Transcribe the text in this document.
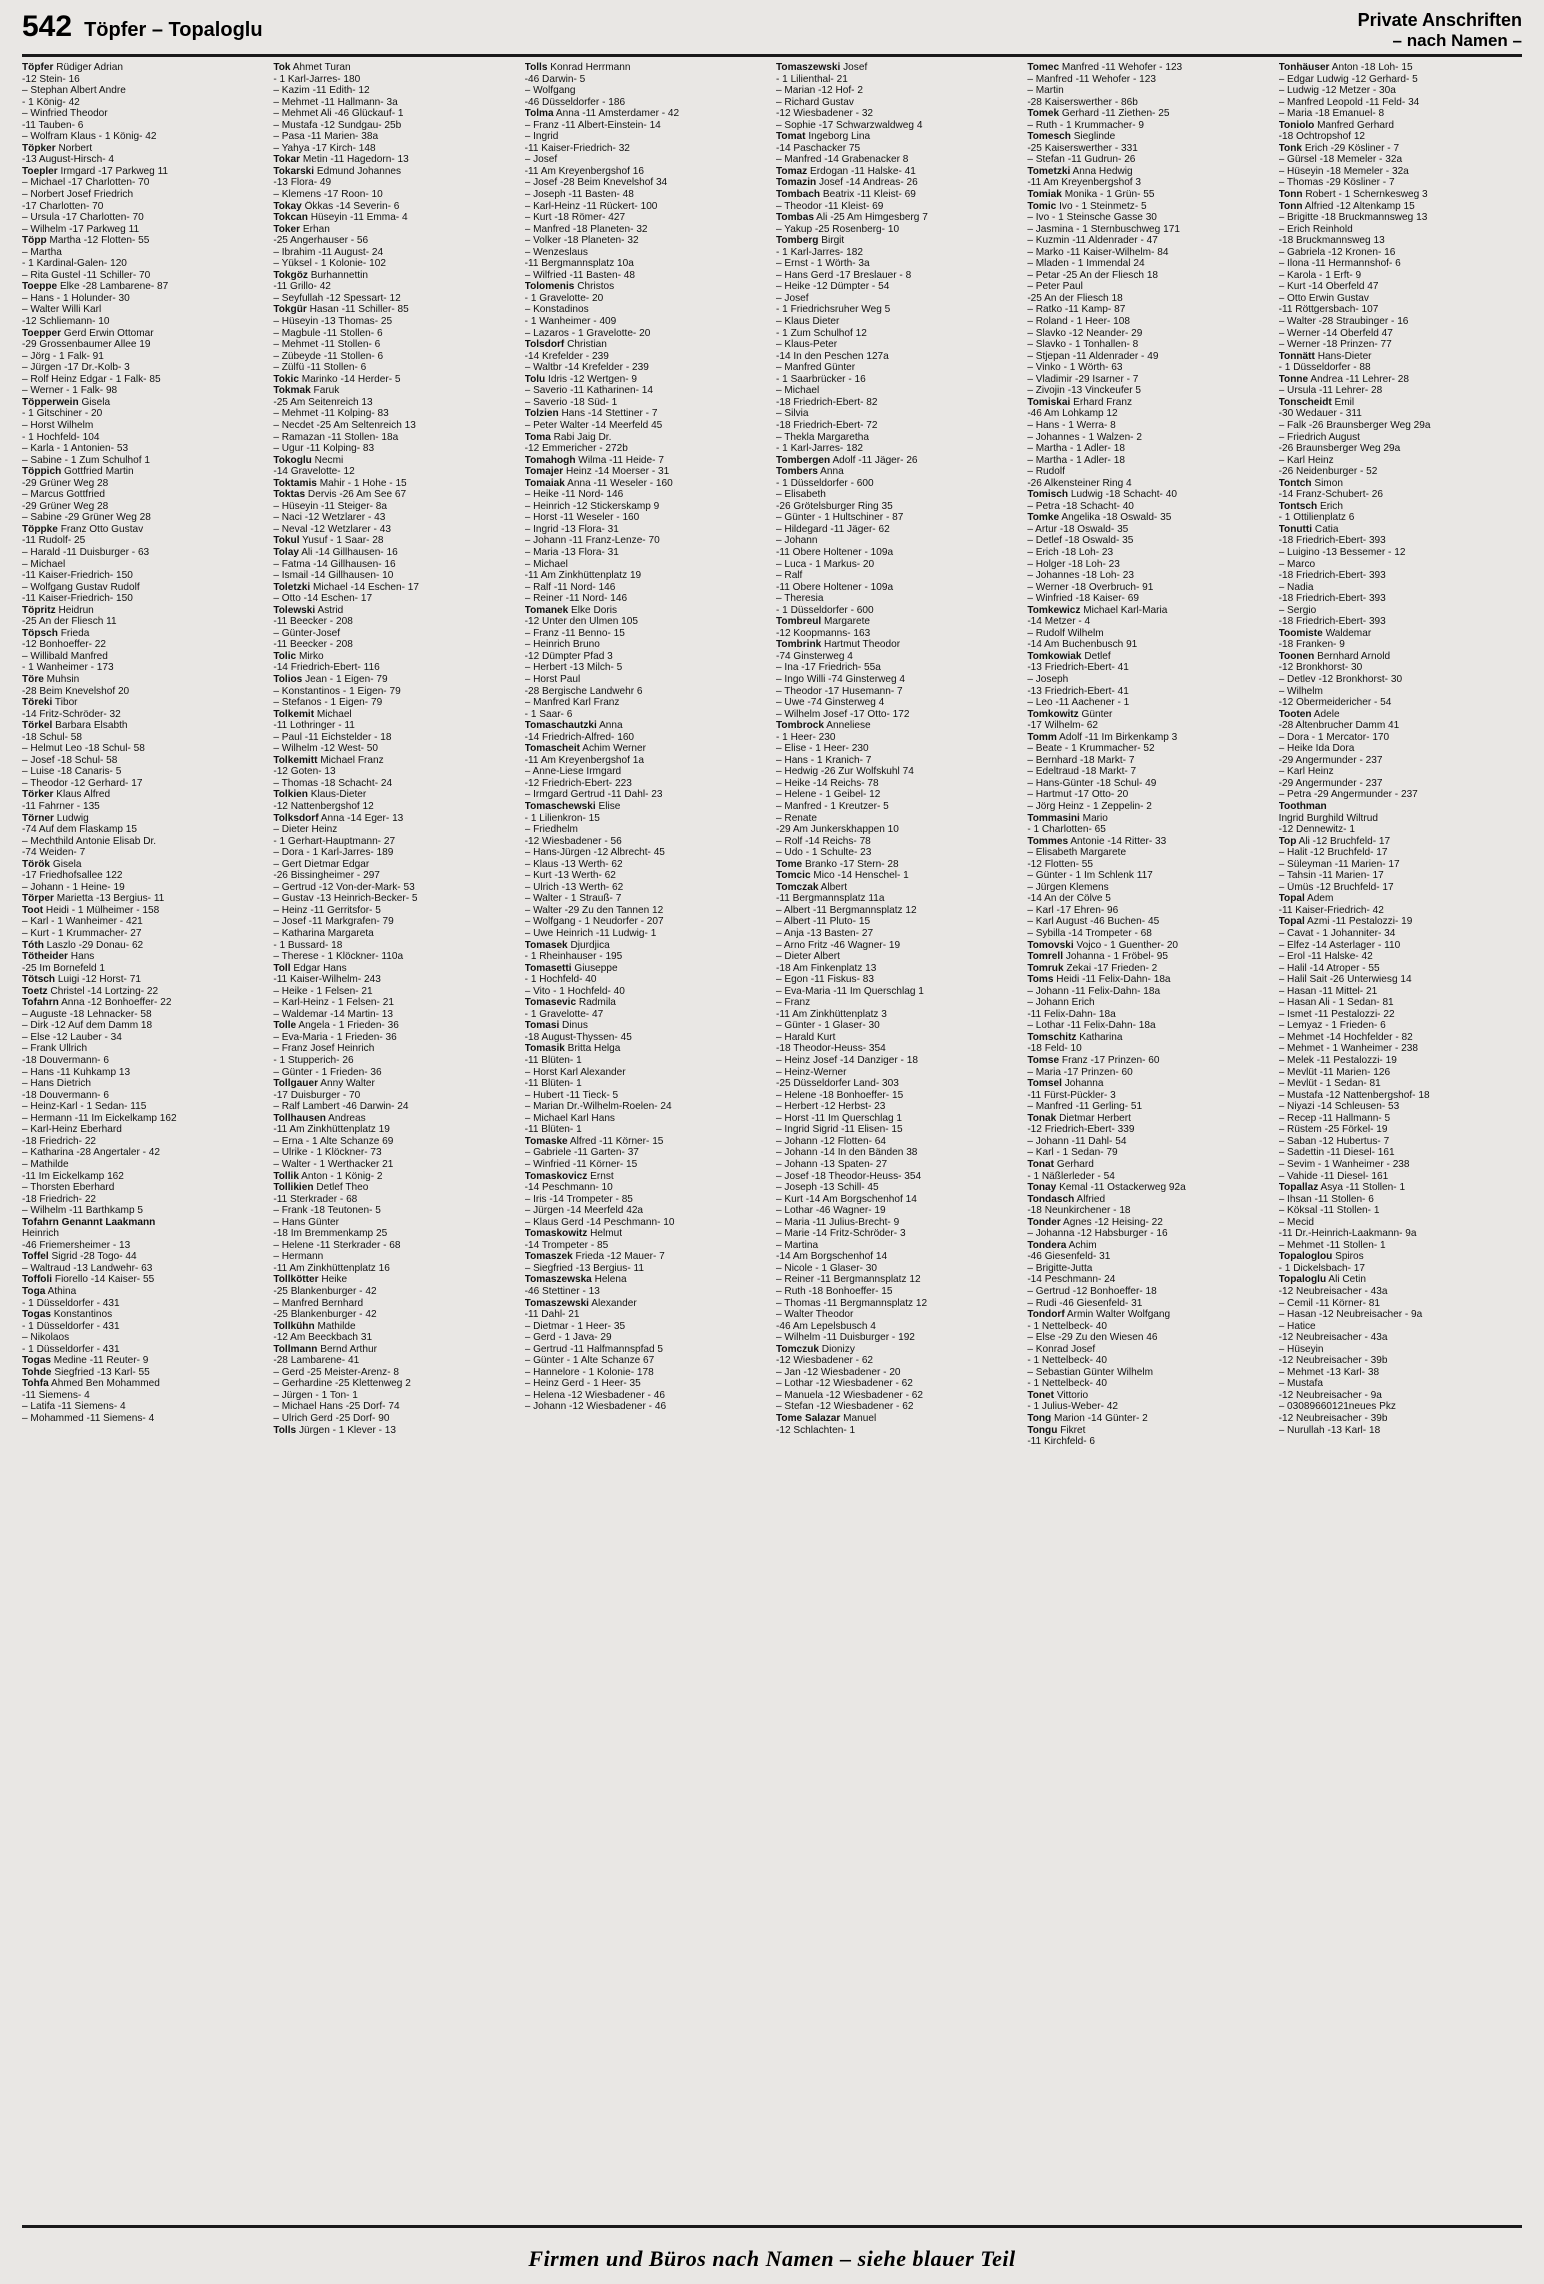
542 Töpfer – Topaloglu	Private Anschriften
– nach Namen –
Töpfer Rüdiger Adrian
-12 Stein- 16
– Stephan Albert Andre
- 1 König- 42
– Winfried Theodor
-11 Tauben- 6
– Wolfram Klaus - 1 König- 42
Töpker Norbert
-13 August-Hirsch- 4
Toepler Irmgard -17 Parkweg 11
– Michael -17 Charlotten- 70
– Norbert Josef Friedrich
-17 Charlotten- 70
– Ursula -17 Charlotten- 70
– Wilhelm -17 Parkweg 11
Töpp Martha -12 Flotten- 55
– Martha
- 1 Kardinal-Galen- 120
– Rita Gustel -11 Schiller- 70
Toeppe Elke -28 Lambarene- 87
– Hans - 1 Holunder- 30
– Walter Willi Karl
-12 Schliemann- 10
Toepper Gerd Erwin Ottomar
-29 Grossenbaumer Allee 19
– Jörg - 1 Falk- 91
– Jürgen -17 Dr.-Kolb- 3
– Rolf Heinz Edgar - 1 Falk- 85
– Werner - 1 Falk- 98
Töpperwein Gisela
- 1 Gitschiner - 20
– Horst Wilhelm
- 1 Hochfeld- 104
– Karla - 1 Antonien- 53
– Sabine - 1 Zum Schulhof 1
Töppich Gottfried Martin
-29 Grüner Weg 28
– Marcus Gottfried
-29 Grüner Weg 28
– Sabine -29 Grüner Weg 28
Töppke Franz Otto Gustav
-11 Rudolf- 25
– Harald -11 Duisburger - 63
– Michael
-11 Kaiser-Friedrich- 150
– Wolfgang Gustav Rudolf
-11 Kaiser-Friedrich- 150
Töpritz Heidrun
-25 An der Fliesch 11
Töpsch Frieda
-12 Bonhoeffer- 22
– Willibald Manfred
- 1 Wanheimer - 173
Töre Muhsin
-28 Beim Knevelshof 20
Töreki Tibor
-14 Fritz-Schröder- 32
Törkel Barbara Elsabth
-18 Schul- 58
– Helmut Leo -18 Schul- 58
– Josef -18 Schul- 58
– Luise -18 Canaris- 5
– Theodor -12 Gerhard- 17
Törker Klaus Alfred
-11 Fahrner - 135
Törner Ludwig
-74 Auf dem Flaskamp 15
– Mechthild Antonie Elisab Dr.
-74 Weiden- 7
Török Gisela
-17 Friedhofsallee 122
– Johann - 1 Heine- 19
Törper Marietta -13 Bergius- 11
Toot Heidi - 1 Mülheimer - 158
– Karl - 1 Wanheimer - 421
– Kurt - 1 Krummacher- 27
Tóth Laszlo -29 Donau- 62
Tötheider Hans
-25 Im Bornefeld 1
Tötsch Luigi -12 Horst- 71
Toetz Christel -14 Lortzing- 22
Tofahrn Anna -12 Bonhoeffer- 22
– Auguste -18 Lehnacker- 58
– Dirk -12 Auf dem Damm 18
– Else -12 Lauber - 34
– Frank Ullrich
-18 Douvermann- 6
– Hans -11 Kuhkamp 13
– Hans Dietrich
-18 Douvermann- 6
– Heinz-Karl - 1 Sedan- 115
– Hermann -11 Im Eickelkamp 162
– Karl-Heinz Eberhard
-18 Friedrich- 22
– Katharina -28 Angertaler - 42
– Mathilde
-11 Im Eickelkamp 162
– Thorsten Eberhard
-18 Friedrich- 22
– Wilhelm -11 Barthkamp 5
Tofahrn Genannt Laakmann
Heinrich
-46 Friemersheimer - 13
Toffel Sigrid -28 Togo- 44
– Waltraud -13 Landwehr- 63
Toffoli Fiorello -14 Kaiser- 55
Toga Athina
- 1 Düsseldorfer - 431
Togas Konstantinos
- 1 Düsseldorfer - 431
– Nikolaos
- 1 Düsseldorfer - 431
Togas Medine -11 Reuter- 9
Tohde Siegfried -13 Karl- 55
Tohfa Ahmed Ben Mohammed
-11 Siemens- 4
– Latifa -11 Siemens- 4
– Mohammed -11 Siemens- 4
Tok Ahmet Turan
- 1 Karl-Jarres- 180
– Kazim -11 Edith- 12
– Mehmet -11 Hallmann- 3a
– Mehmet Ali -46 Glückauf- 1
– Mustafa -12 Sundgau- 25b
– Pasa -11 Marien- 38a
– Yahya -17 Kirch- 148
Tokar Metin -11 Hagedorn- 13
Tokarski Edmund Johannes
-13 Flora- 49
– Klemens -17 Roon- 10
Tokay Ökkas -14 Severin- 6
Tokcan Hüseyin -11 Emma- 4
Toker Erhan
-25 Angerhauser - 56
– Ibrahim -11 August- 24
– Yüksel - 1 Kolonie- 102
Tokgöz Burhannettin
-11 Grillo- 42
– Seyfullah -12 Spessart- 12
Tokgür Hasan -11 Schiller- 85
– Hüseyin -13 Thomas- 25
– Magbule -11 Stollen- 6
– Mehmet -11 Stollen- 6
– Zübeyde -11 Stollen- 6
– Zülfü -11 Stollen- 6
Tokic Marinko -14 Herder- 5
Tokmak Faruk
-25 Am Seitenreich 13
– Mehmet -11 Kolping- 83
– Necdet -25 Am Seltenreich 13
– Ramazan -11 Stollen- 18a
– Ugur -11 Kolping- 83
Tokoglu Necmi
-14 Gravelotte- 12
Toktamis Mahir - 1 Hohe - 15
Toktas Dervis -26 Am See 67
– Hüseyin -11 Steiger- 8a
– Naci -12 Wetzlarer - 43
– Neval -12 Wetzlarer - 43
Tokul Yusuf - 1 Saar- 28
Tolay Ali -14 Gillhausen- 16
– Fatma -14 Gillhausen- 16
– Ismail -14 Gillhausen- 10
Toletzki Michael -14 Eschen- 17
– Otto -14 Eschen- 17
Tolewski Astrid
-11 Beecker - 208
– Günter-Josef
-11 Beecker - 208
Tolic Mirko
-14 Friedrich-Ebert- 116
Tolios Jean - 1 Eigen- 79
– Konstantinos - 1 Eigen- 79
– Stefanos - 1 Eigen- 79
Tolkemit Michael
-11 Lothringer - 11
– Paul -11 Eichstelder - 18
– Wilhelm -12 West- 50
Tolkemitt Michael Franz
-12 Goten- 13
– Thomas -18 Schacht- 24
Tolkien Klaus-Dieter
-12 Nattenbergshof 12
Tolksdorf Anna -14 Eger- 13
– Dieter Heinz
- 1 Gerhart-Hauptmann- 27
– Dora - 1 Karl-Jarres- 189
– Gert Dietmar Edgar
-26 Bissingheimer - 297
– Gertrud -12 Von-der-Mark- 53
– Gustav -13 Heinrich-Becker- 5
– Heinz -11 Gerritsfor- 5
– Josef -11 Markgrafen- 79
– Katharina Margareta
- 1 Bussard- 18
– Therese - 1 Klöckner- 110a
Toll Edgar Hans
-11 Kaiser-Wilhelm- 243
– Heike - 1 Felsen- 21
– Karl-Heinz - 1 Felsen- 21
– Waldemar -14 Martin- 13
Tolle Angela - 1 Frieden- 36
– Eva-Maria - 1 Frieden- 36
– Franz Josef Heinrich
- 1 Stupperich- 26
– Günter - 1 Frieden- 36
Tollgauer Anny Walter
-17 Duisburger - 70
– Ralf Lambert -46 Darwin- 24
Tollhausen Andreas
-11 Am Zinkhüttenplatz 19
– Erna - 1 Alte Schanze 69
– Ulrike - 1 Klöckner- 73
– Walter - 1 Werthacker 21
Tollik Anton - 1 König- 2
Tollikien Detlef Theo
-11 Sterkrader - 68
– Frank -18 Teutonen- 5
– Hans Günter
-18 Im Bremmenkamp 25
– Helene -11 Sterkrader - 68
– Hermann
-11 Am Zinkhüttenplatz 16
Tollkötter Heike
-25 Blankenburger - 42
– Manfred Bernhard
-25 Blankenburger - 42
Tollkühn Mathilde
-12 Am Beeckbach 31
Tollmann Bernd Arthur
-28 Lambarene- 41
– Gerd -25 Meister-Arenz- 8
– Gerhardine -25 Klettenweg 2
– Jürgen - 1 Ton- 1
– Michael Hans -25 Dorf- 74
– Ulrich Gerd -25 Dorf- 90
Tolls Jürgen - 1 Klever - 13
Tolls Konrad Herrmann
-46 Darwin- 5
– Wolfgang
-46 Düsseldorfer - 186
Tolma Anna -11 Amsterdamer - 42
– Franz -11 Albert-Einstein- 14
– Ingrid
-11 Kaiser-Friedrich- 32
– Josef
-11 Am Kreyenbergshof 16
– Josef -28 Beim Knevelshof 34
– Joseph -11 Basten- 48
– Karl-Heinz -11 Rückert- 100
– Kurt -18 Römer- 427
– Manfred -18 Planeten- 32
– Volker -18 Planeten- 32
– Wenzeslaus
-11 Bergmannsplatz 10a
– Wilfried -11 Basten- 48
Tolomenis Christos
- 1 Gravelotte- 20
– Konstadinos
- 1 Wanheimer - 409
– Lazaros - 1 Gravelotte- 20
Tolsdorf Christian
-14 Krefelder - 239
– Waltbr -14 Krefelder - 239
Tolu Idris -12 Wertgen- 9
– Saverio -11 Katharinen- 14
– Saverio -18 Süd- 1
Tolzien Hans -14 Stettiner - 7
– Peter Walter -14 Meerfeld 45
Toma Rabi Jaig Dr.
-12 Emmericher - 272b
Tomahogh Wilma -11 Heide- 7
Tomajer Heinz -14 Moerser - 31
Tomaiak Anna -11 Weseler - 160
– Heike -11 Nord- 146
– Heinrich -12 Stickerskamp 9
– Horst -11 Weseler - 160
– Ingrid -13 Flora- 31
– Johann -11 Franz-Lenze- 70
– Maria -13 Flora- 31
– Michael
-11 Am Zinkhüttenplatz 19
– Ralf -11 Nord- 146
– Reiner -11 Nord- 146
Tomanek Elke Doris
-12 Unter den Ulmen 105
– Franz -11 Benno- 15
– Heinrich Bruno
-12 Dümpter Pfad 3
– Herbert -13 Milch- 5
– Horst Paul
-28 Bergische Landwehr 6
– Manfred Karl Franz
- 1 Saar- 6
Tomaschautzki Anna
-14 Friedrich-Alfred- 160
Tomascheit Achim Werner
-11 Am Kreyenbergshof 1a
– Anne-Liese Irmgard
-12 Friedrich-Ebert- 223
– Irmgard Gertrud -11 Dahl- 23
Tomaschewski Elise
- 1 Lilienkron- 15
– Friedhelm
-12 Wiesbadener - 56
– Hans-Jürgen -12 Albrecht- 45
– Klaus -13 Werth- 62
– Kurt -13 Werth- 62
– Ulrich -13 Werth- 62
– Walter - 1 Strauß- 7
– Walter -29 Zu den Tannen 12
– Wolfgang - 1 Neudorfer - 207
– Uwe Heinrich -11 Ludwig- 1
Tomasek Djurdjica
- 1 Rheinhauser - 195
Tomasetti Giuseppe
- 1 Hochfeld- 40
– Vito - 1 Hochfeld- 40
Tomasevic Radmila
- 1 Gravelotte- 47
Tomasi Dinus
-18 August-Thyssen- 45
Tomasik Britta Helga
-11 Blüten- 1
– Horst Karl Alexander
-11 Blüten- 1
– Hubert -11 Tieck- 5
– Marian Dr.-Wilhelm-Roelen- 24
– Michael Karl Hans
-11 Blüten- 1
Tomaske Alfred -11 Körner- 15
– Gabriele -11 Garten- 37
– Winfried -11 Körner- 15
Tomaskovicz Ernst
-14 Peschmann- 10
– Iris -14 Trompeter - 85
– Jürgen -14 Meerfeld 42a
– Klaus Gerd -14 Peschmann- 10
Tomaskowitz Helmut
-14 Trompeter - 85
Tomaszek Frieda -12 Mauer- 7
– Siegfried -13 Bergius- 11
Tomaszewska Helena
-46 Stettiner - 13
Tomaszewski Alexander
-11 Dahl- 21
– Dietmar - 1 Heer- 35
– Gerd - 1 Java- 29
– Gertrud -11 Halfmannspfad 5
– Günter - 1 Alte Schanze 67
– Hannelore - 1 Kolonie- 178
– Heinz Gerd - 1 Heer- 35
– Helena -12 Wiesbadener - 46
– Johann -12 Wiesbadener - 46
Tomaszewski Josef
- 1 Lilienthal- 21
– Marian -12 Hof- 2
– Richard Gustav
-12 Wiesbadener - 32
– Sophie -17 Schwarzwaldweg 4
Tomat Ingeborg Lina
-14 Paschacker 75
– Manfred -14 Grabenacker 8
Tomaz Erdogan -11 Halske- 41
Tomazin Josef -14 Andreas- 26
Tombach Beatrix -11 Kleist- 69
– Theodor -11 Kleist- 69
Tombas Ali -25 Am Himgesberg 7
– Yakup -25 Rosenberg- 10
Tomberg Birgit
- 1 Karl-Jarres- 182
– Ernst - 1 Wörth- 3a
– Hans Gerd -17 Breslauer - 8
– Heike -12 Dümpter - 54
– Josef
- 1 Friedrichsruher Weg 5
– Klaus Dieter
- 1 Zum Schulhof 12
– Klaus-Peter
-14 In den Peschen 127a
– Manfred Günter
- 1 Saarbrücker - 16
– Michael
-18 Friedrich-Ebert- 82
– Silvia
-18 Friedrich-Ebert- 72
– Thekla Margaretha
- 1 Karl-Jarres- 182
Tombergen Adolf -11 Jäger- 26
Tombers Anna
- 1 Düsseldorfer - 600
– Elisabeth
-26 Grötelsburger Ring 35
– Günter - 1 Hultschiner - 87
– Hildegard -11 Jäger- 62
– Johann
-11 Obere Holtener - 109a
– Luca - 1 Markus- 20
– Ralf
-11 Obere Holtener - 109a
– Theresia
- 1 Düsseldorfer - 600
Tombreul Margarete
-12 Koopmanns- 163
Tombrink Hartmut Theodor
-74 Ginsterweg 4
– Ina -17 Friedrich- 55a
– Ingo Willi -74 Ginsterweg 4
– Theodor -17 Husemann- 7
– Uwe -74 Ginsterweg 4
– Wilhelm Josef -17 Otto- 172
Tombrock Anneliese
- 1 Heer- 230
– Elise - 1 Heer- 230
– Hans - 1 Kranich- 7
– Hedwig -26 Zur Wolfskuhl 74
– Heike -14 Reichs- 78
– Helene - 1 Geibel- 12
– Manfred - 1 Kreutzer- 5
– Renate
-29 Am Junkerskhappen 10
– Rolf -14 Reichs- 78
– Udo - 1 Schulte- 23
Tome Branko -17 Stern- 28
Tomcic Mico -14 Henschel- 1
Tomczak Albert
-11 Bergmannsplatz 11a
– Albert -11 Bergmannsplatz 12
– Albert -11 Pluto- 15
– Anja -13 Basten- 27
– Arno Fritz -46 Wagner- 19
– Dieter Albert
-18 Am Finkenplatz 13
– Egon -11 Fiskus- 83
– Eva-Maria -11 Im Querschlag 1
– Franz
-11 Am Zinkhüttenplatz 3
– Günter - 1 Glaser- 30
– Harald Kurt
-18 Theodor-Heuss- 354
– Heinz Josef -14 Danziger - 18
– Heinz-Werner
-25 Düsseldorfer Land- 303
– Helene -18 Bonhoeffer- 15
– Herbert -12 Herbst- 23
– Horst -11 Im Querschlag 1
– Ingrid Sigrid -11 Elisen- 15
– Johann -12 Flotten- 64
– Johann -14 In den Bänden 38
– Johann -13 Spaten- 27
– Josef -18 Theodor-Heuss- 354
– Joseph -13 Schill- 45
– Kurt -14 Am Borgschenhof 14
– Lothar -46 Wagner- 19
– Maria -11 Julius-Brecht- 9
– Marie -14 Fritz-Schröder- 3
– Martina
-14 Am Borgschenhof 14
– Nicole - 1 Glaser- 30
– Reiner -11 Bergmannsplatz 12
– Ruth -18 Bonhoeffer- 15
– Thomas -11 Bergmannsplatz 12
– Walter Theodor
-46 Am Lepelsbusch 4
– Wilhelm -11 Duisburger - 192
Tomczuk Dionizy
-12 Wiesbadener - 62
– Jan -12 Wiesbadener - 20
– Lothar -12 Wiesbadener - 62
– Manuela -12 Wiesbadener - 62
– Stefan -12 Wiesbadener - 62
Tome Salazar Manuel
-12 Schlachten- 1
Tomec Manfred -11 Wehofer - 123
– Manfred -11 Wehofer - 123
– Martin
-28 Kaiserswerther - 86b
Tomek Gerhard -11 Ziethen- 25
– Ruth - 1 Krummacher- 9
Tomesch Sieglinde
-25 Kaiserswerther - 331
– Stefan -11 Gudrun- 26
Tometzki Anna Hedwig
-11 Am Kreyenbergshof 3
Tomiak Monika - 1 Grün- 55
Tomic Ivo - 1 Steinmetz- 5
– Ivo - 1 Steinsche Gasse 30
– Jasmina - 1 Sternbuschweg 171
– Kuzmin -11 Aldenrader - 47
– Marko -11 Kaiser-Wilhelm- 84
– Mladen - 1 Immendal 24
– Petar -25 An der Fliesch 18
– Peter Paul
-25 An der Fliesch 18
– Ratko -11 Kamp- 87
– Roland - 1 Heer- 108
– Slavko -12 Neander- 29
– Slavko - 1 Tonhallen- 8
– Stjepan -11 Aldenrader - 49
– Vinko - 1 Wörth- 63
– Vladimir -29 Isarner - 7
– Zivojin -13 Vinckeufer 5
Tomiskai Erhard Franz
-46 Am Lohkamp 12
– Hans - 1 Werra- 8
– Johannes - 1 Walzen- 2
– Martha - 1 Adler- 18
– Martha - 1 Adler- 18
– Rudolf
-26 Alkensteiner Ring 4
Tomisch Ludwig -18 Schacht- 40
– Petra -18 Schacht- 40
Tomke Angelika -18 Oswald- 35
– Artur -18 Oswald- 35
– Detlef -18 Oswald- 35
– Erich -18 Loh- 23
– Holger -18 Loh- 23
– Johannes -18 Loh- 23
– Werner -18 Overbruch- 91
– Winfried -18 Kaiser- 69
Tomkewicz Michael Karl-Maria
-14 Metzer - 4
– Rudolf Wilhelm
-14 Am Buchenbusch 91
Tomkowiak Detlef
-13 Friedrich-Ebert- 41
– Joseph
-13 Friedrich-Ebert- 41
– Leo -11 Aachener - 1
Tomkowitz Günter
-17 Wilhelm- 62
Tomm Adolf -11 Im Birkenkamp 3
– Beate - 1 Krummacher- 52
– Bernhard -18 Markt- 7
– Edeltraud -18 Markt- 7
– Hans-Günter -18 Schul- 49
– Hartmut -17 Otto- 20
– Jörg Heinz - 1 Zeppelin- 2
Tommasini Mario
- 1 Charlotten- 65
Tommes Antonie -14 Ritter- 33
– Elisabeth Margarete
-12 Flotten- 55
– Günter - 1 Im Schlenk 117
– Jürgen Klemens
-14 An der Cölve 5
– Karl -17 Ehren- 96
– Karl August -46 Buchen- 45
– Sybilla -14 Trompeter - 68
Tomovski Vojco - 1 Guenther- 20
Tomrell Johanna - 1 Fröbel- 95
Tomruk Zekai -17 Frieden- 2
Toms Heidi -11 Felix-Dahn- 18a
– Johann -11 Felix-Dahn- 18a
– Johann Erich
-11 Felix-Dahn- 18a
– Lothar -11 Felix-Dahn- 18a
Tomschitz Katharina
-18 Feld- 10
Tomse Franz -17 Prinzen- 60
– Maria -17 Prinzen- 60
Tomsel Johanna
-11 Fürst-Pückler- 3
– Manfred -11 Gerling- 51
Tonak Dietmar Herbert
-12 Friedrich-Ebert- 339
– Johann -11 Dahl- 54
– Karl - 1 Sedan- 79
Tonat Gerhard
- 1 Näßlerleder - 54
Tonay Kemal -11 Ostackerweg 92a
Tondasch Alfried
-18 Neunkirchener - 18
Tonder Agnes -12 Heising- 22
– Johanna -12 Habsburger - 16
Tondera Achim
-46 Giesenfeld- 31
– Brigitte-Jutta
-14 Peschmann- 24
– Gertrud -12 Bonhoeffer- 18
– Rudi -46 Giesenfeld- 31
Tondorf Armin Walter Wolfgang
- 1 Nettelbeck- 40
– Else -29 Zu den Wiesen 46
– Konrad Josef
- 1 Nettelbeck- 40
– Sebastian Günter Wilhelm
- 1 Nettelbeck- 40
Tonet Vittorio
- 1 Julius-Weber- 42
Tong Marion -14 Günter- 2
Tongu Fikret
-11 Kirchfeld- 6
Tonhäuser Anton -18 Loh- 15
– Edgar Ludwig -12 Gerhard- 5
– Ludwig -12 Metzer - 30a
– Manfred Leopold -11 Feld- 34
– Maria -18 Emanuel- 8
Toniolo Manfred Gerhard
-18 Ochtropshof 12
Tonk Erich -29 Kösliner - 7
– Gürsel -18 Memeler - 32a
– Hüseyin -18 Memeler - 32a
– Thomas -29 Kösliner - 7
Tonn Robert - 1 Schernkesweg 3
Tonn Alfried -12 Altenkamp 15
– Brigitte -18 Bruckmannsweg 13
– Erich Reinhold
-18 Bruckmannsweg 13
– Gabriela -12 Kronen- 16
– Ilona -11 Hermannshof- 6
– Karola - 1 Erft- 9
– Kurt -14 Oberfeld 47
– Otto Erwin Gustav
-11 Röttgersbach- 107
– Walter -28 Straubinger - 16
– Werner -14 Oberfeld 47
– Werner -18 Prinzen- 77
Tonnätt Hans-Dieter
- 1 Düsseldorfer - 88
Tonne Andrea -11 Lehrer- 28
– Ursula -11 Lehrer- 28
Tonscheidt Emil
-30 Wedauer - 311
– Falk -26 Braunsberger Weg 29a
– Friedrich August
-26 Braunsberger Weg 29a
– Karl Heinz
-26 Neidenburger - 52
Tontch Simon
-14 Franz-Schubert- 26
Tontsch Erich
- 1 Ottilienplatz 6
Tonutti Catia
-18 Friedrich-Ebert- 393
– Luigino -13 Bessemer - 12
– Marco
-18 Friedrich-Ebert- 393
– Nadia
-18 Friedrich-Ebert- 393
– Sergio
-18 Friedrich-Ebert- 393
Toomiste Waldemar
-18 Franken- 9
Toonen Bernhard Arnold
-12 Bronkhorst- 30
– Detlev -12 Bronkhorst- 30
– Wilhelm
-12 Obermeidericher - 54
Tooten Adele
-28 Altenbrucher Damm 41
– Dora - 1 Mercator- 170
– Heike Ida Dora
-29 Angermunder - 237
– Karl Heinz
-29 Angermunder - 237
– Petra -29 Angermunder - 237
Toothman
Ingrid Burghild Wiltrud
-12 Dennewitz- 1
Top Ali -12 Bruchfeld- 17
– Halit -12 Bruchfeld- 17
– Süleyman -11 Marien- 17
– Tahsin -11 Marien- 17
– Ümüs -12 Bruchfeld- 17
Topal Adem
-11 Kaiser-Friedrich- 42
Topal Azmi -11 Pestalozzi- 19
– Cavat - 1 Johanniter- 34
– Elfez -14 Asterlager - 110
– Erol -11 Halske- 42
– Halil -14 Atroper - 55
– Halil Sait -26 Unterwiesg 14
– Hasan -11 Mittel- 21
– Hasan Ali - 1 Sedan- 81
– Ismet -11 Pestalozzi- 22
– Lemyaz - 1 Frieden- 6
– Mehmet -14 Hochfelder - 82
– Mehmet - 1 Wanheimer - 238
– Melek -11 Pestalozzi- 19
– Mevlüt -11 Marien- 126
– Mevlüt - 1 Sedan- 81
– Mustafa -12 Nattenbergshof- 18
– Niyazi -14 Schleusen- 53
– Recep -11 Hallmann- 5
– Rüstem -25 Förkel- 19
– Saban -12 Hubertus- 7
– Sadettin -11 Diesel- 161
– Sevim - 1 Wanheimer - 238
– Vahide -11 Diesel- 161
Topallaz Asya -11 Stollen- 1
– Ihsan -11 Stollen- 6
– Köksal -11 Stollen- 1
– Mecid
-11 Dr.-Heinrich-Laakmann- 9a
– Mehmet -11 Stollen- 1
Topaloglou Spiros
- 1 Dickelsbach- 17
Topaloglu Ali Cetin
-12 Neubreisacher - 43a
– Cemil -11 Körner- 81
– Hasan -12 Neubreisacher - 9a
– Hatice
-12 Neubreisacher - 43a
– Hüseyin
-12 Neubreisacher - 39b
– Mehmet -13 Karl- 38
– Mustafa
-12 Neubreisacher - 9a
– 03089660121neues Pkz
-12 Neubreisacher - 39b
– Nurullah -13 Karl- 18
Firmen und Büros nach Namen – siehe blauer Teil
